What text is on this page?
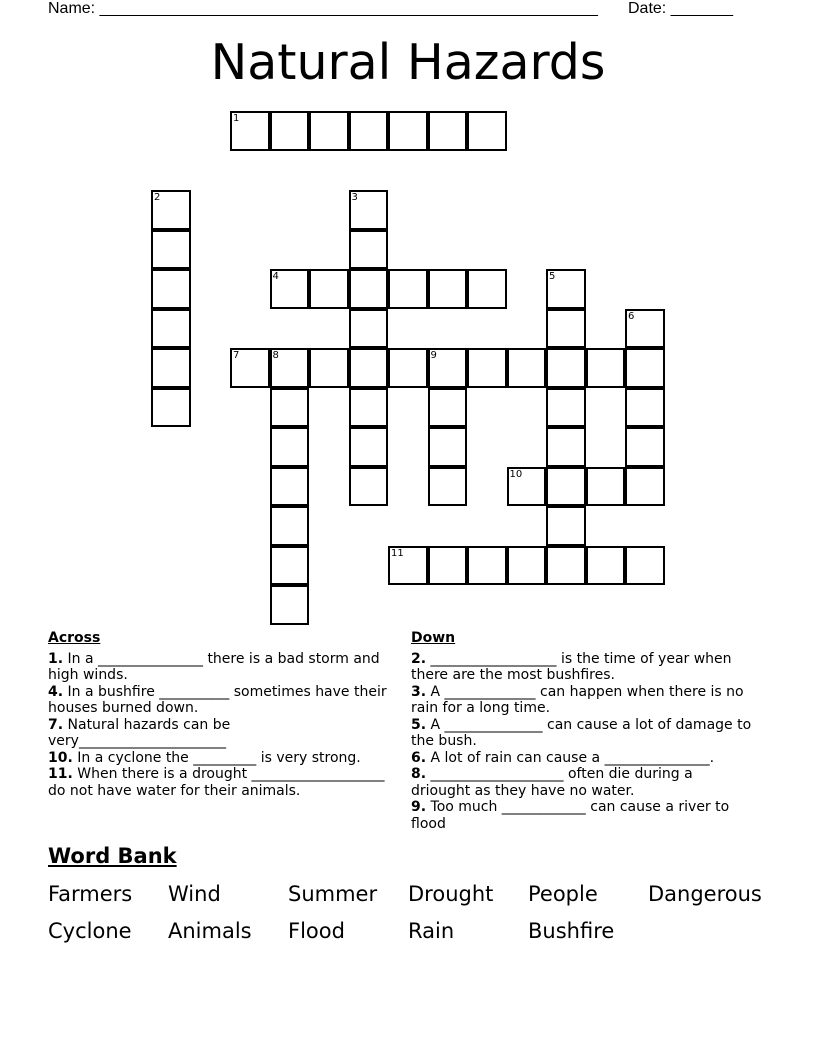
Name: ________________________________________________________ Date: _______
Natural Hazards
1
2	3
4	5
6
7	8	9
10
11
Across
1. In a _______________ there is a bad storm and high winds.
4. In a bushfire __________ sometimes have their houses burned down.
7. Natural hazards can be very_____________________
10. In a cyclone the _________ is very strong.
11. When there is a drought ___________________ do not have water for their animals.
Down
2. __________________ is the time of year when there are the most bushfires.
3. A _____________ can happen when there is no rain for a long time.
5. A ______________ can cause a lot of damage to the bush.
6. A lot of rain can cause a _______________.
8. ___________________ often die during a driought as they have no water.
9. Too much ____________ can cause a river to flood
Word Bank
Farmers Wind	Summer Drought People Dangerous
Cyclone Animals Flood	Rain	Bushfire
